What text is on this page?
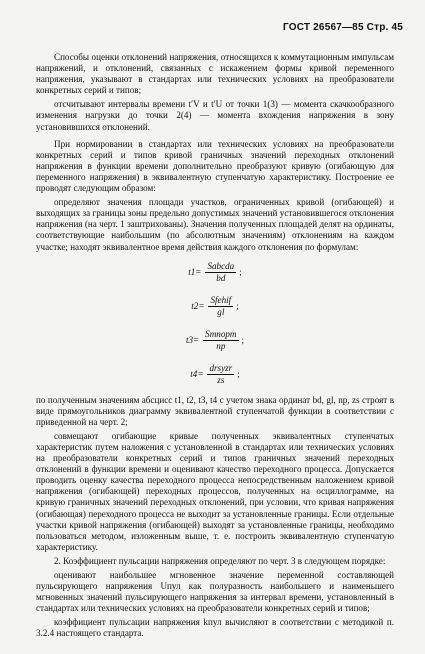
ГОСТ 26567—85 Стр. 45

Способы оценки отклонений напряжения, относящихся к коммутационным импульсам напряжений, и отклонений, связанных с искажением формы кривой переменного напряжения, указывают в стандартах или технических условиях на преобразователи конкретных серий и типов;

отсчитывают интервалы времени t′V и t′U от точки 1(3) — момента скачкообразного изменения нагрузки до точки 2(4) — момента вхождения напряжения в зону установившихся отклонений.

При нормировании в стандартах или технических условиях на преобразователи конкретных серий и типов кривой граничных значений переходных отклонений напряжения в функции времени дополнительно преобразуют кривую (огибающую для переменного напряжения) в эквивалентную ступенчатую характеристику. Построение ее проводят следующим образом:

определяют значения площади участков, ограниченных кривой (огибающей) и выходящих за границы зоны предельно допустимых значений установившегося отклонения напряжения (на черт. 1 заштрихованы). Значения полученных площадей делят на ординаты, соответствующие наибольшим (по абсолютным значениям) отклонениям на каждом участке; находят эквивалентное время действия каждого отклонения по формулам:

$t1= \frac{\text{Sabcda}}{bd}$ ;
$t2= \frac{\text{Sfehif}}{gl}$ ;
$t3= \frac{\text{Smnopm}}{np}$ ;
$t4= \frac{\text{drsyzr}}{zs}$ ;

по полученным значениям абсцисс t1, t2, t3, t4 с учетом знака ординат bd, gl, np, zs строят в виде прямоугольников диаграмму эквивалентной ступенчатой функции в соответствии с приведенной на черт. 2;

совмещают огибающие кривые полученных эквивалентных ступенчатых характеристик путем наложения с установленной в стандартах или технических условиях на преобразователи конкретных серий и типов граничных значений переходных отклонений в функции времени и оценивают качество переходного процесса. Допускается проводить оценку качества переходного процесса непосредственным наложением кривой напряжения (огибающей) переходных процессов, полученных на осциллограмме, на кривую граничных значений переходных отклонений, при условии, что кривая напряжения (огибающая) переходного процесса не выходит за установленные границы. Если отдельные участки кривой напряжения (огибающей) выходят за установленные границы, необходимо пользоваться методом, изложенным выше, т. е. построить эквивалентную ступенчатую характеристику.

2. Коэффициент пульсации напряжения определяют по черт. 3 в следующем порядке:

оценивают наибольшее мгновенное значение переменной составляющей пульсирующего напряжения Uпул как полуразность наибольшего и наименьшего мгновенных значений пульсирующего напряжения за интервал времени, установленный в стандартах или технических условиях на преобразователи конкретных серий и типов;

коэффициент пульсации напряжения kпул вычисляют в соответствии с методикой п. 3.2.4 настоящего стандарта.
